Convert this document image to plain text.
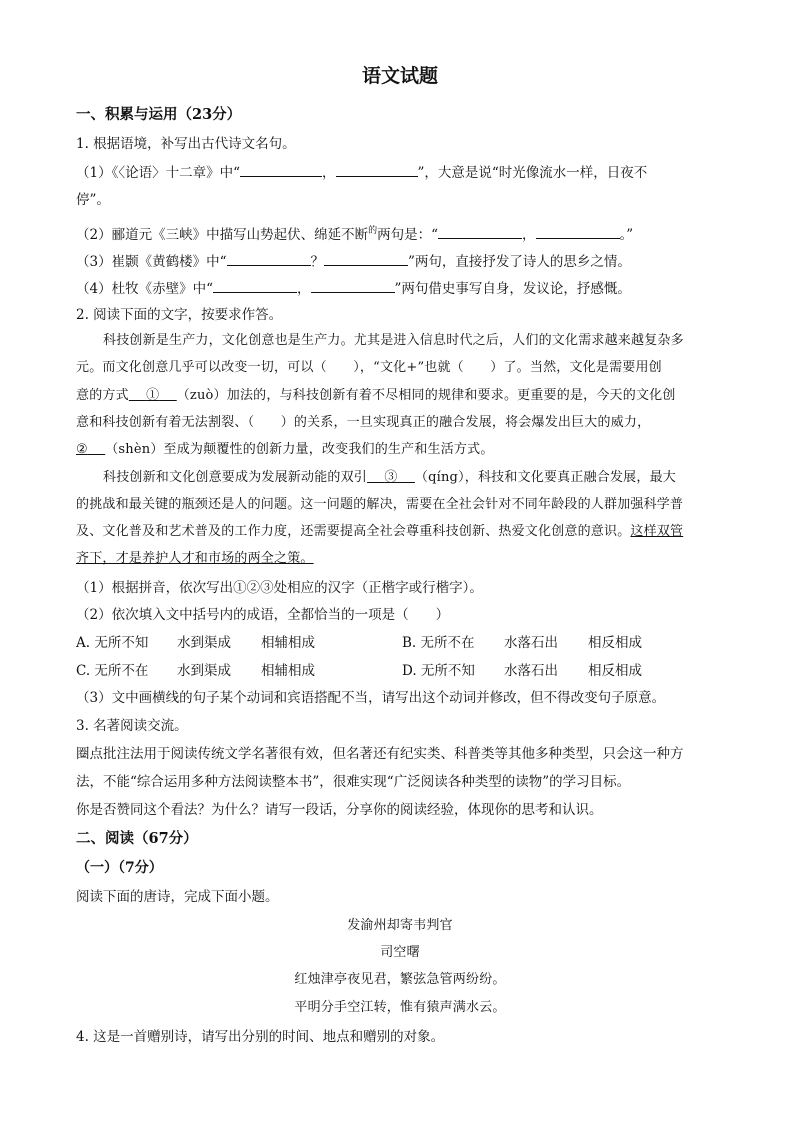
语文试题
一、积累与运用（23分）
1. 根据语境，补写出古代诗文名句。
（1）《〈论语〉十二章》中“	，	”，大意是说“时光像流水一样，日夜不
停”。
（2）郦道元《三峡》中描写山势起伏、绵延不断$^的$两句是：“	，	。”
（3）崔颢《黄鹤楼》中“	？	”两句，直接抒发了诗人的思乡之情。
（4）杜牧《赤壁》中“	，	”两句借史事写自身，发议论，抒感慨。
2. 阅读下面的文字，按要求作答。
科技创新是生产力，文化创意也是生产力。尤其是进入信息时代之后，人们的文化需求越来越复杂多
元。而文化创意几乎可以改变一切，可以（　　），“文化+”也就（　　）了。当然，文化是需要用创
意的方式 ① （zuò）加法的，与科技创新有着不尽相同的规律和要求。更重要的是，今天的文化创
意和科技创新有着无法割裂、（　　）的关系，一旦实现真正的融合发展，将会爆发出巨大的威力，
② （shèn）至成为颠覆性的创新力量，改变我们的生产和生活方式。
科技创新和文化创意要成为发展新动能的双引 ③ （qíng），科技和文化要真正融合发展，最大
的挑战和最关键的瓶颈还是人的问题。这一问题的解决，需要在全社会针对不同年龄段的人群加强科学普
及、文化普及和艺术普及的工作力度，还需要提高全社会尊重科技创新、热爱文化创意的意识。这样双管
齐下，才是养护人才和市场的两全之策。
（1）根据拼音，依次写出①②③处相应的汉字（正楷字或行楷字）。
（2）依次填入文中括号内的成语，全都恰当的一项是（　　）
A. 无所不知 水到渠成 相辅相成	B. 无所不在 水落石出 相反相成
C. 无所不在 水到渠成 相辅相成	D. 无所不知 水落石出 相反相成
（3）文中画横线的句子某个动词和宾语搭配不当，请写出这个动词并修改，但不得改变句子原意。
3. 名著阅读交流。
圈点批注法用于阅读传统文学名著很有效，但名著还有纪实类、科普类等其他多种类型，只会这一种方
法，不能“综合运用多种方法阅读整本书”，很难实现“广泛阅读各种类型的读物”的学习目标。
你是否赞同这个看法？为什么？请写一段话，分享你的阅读经验，体现你的思考和认识。
二、阅读（67分）
（一）（7分）
阅读下面的唐诗，完成下面小题。
发渝州却寄韦判官
司空曙
红烛津亭夜见君，繁弦急管两纷纷。
平明分手空江转，惟有猿声满水云。
4. 这是一首赠别诗，请写出分别的时间、地点和赠别的对象。
